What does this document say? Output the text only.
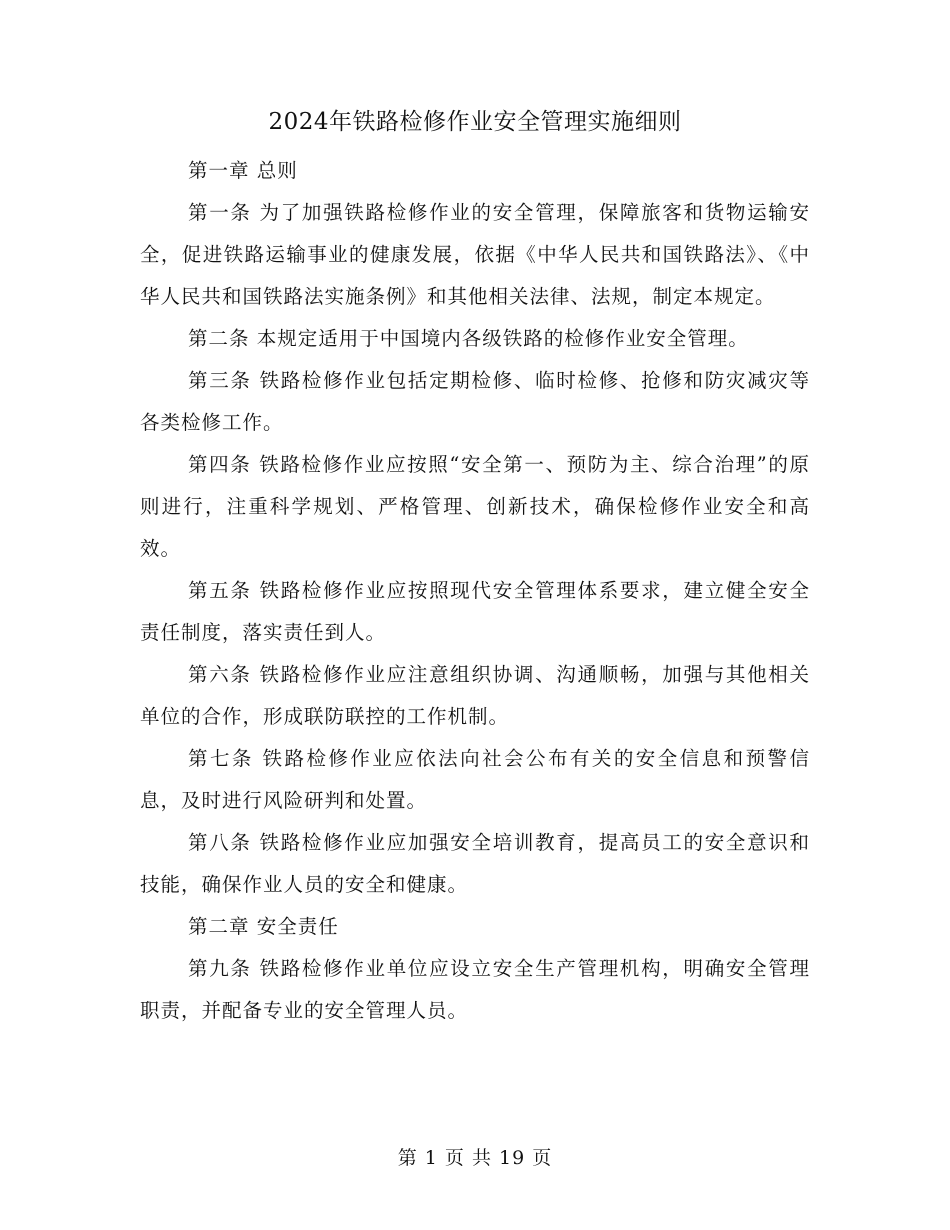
2024年铁路检修作业安全管理实施细则

第一章 总则

第一条 为了加强铁路检修作业的安全管理，保障旅客和货物运输安全，促进铁路运输事业的健康发展，依据《中华人民共和国铁路法》、《中华人民共和国铁路法实施条例》和其他相关法律、法规，制定本规定。

第二条 本规定适用于中国境内各级铁路的检修作业安全管理。

第三条 铁路检修作业包括定期检修、临时检修、抢修和防灾减灾等各类检修工作。

第四条 铁路检修作业应按照“安全第一、预防为主、综合治理”的原则进行，注重科学规划、严格管理、创新技术，确保检修作业安全和高效。

第五条 铁路检修作业应按照现代安全管理体系要求，建立健全安全责任制度，落实责任到人。

第六条 铁路检修作业应注意组织协调、沟通顺畅，加强与其他相关单位的合作，形成联防联控的工作机制。

第七条 铁路检修作业应依法向社会公布有关的安全信息和预警信息，及时进行风险研判和处置。

第八条 铁路检修作业应加强安全培训教育，提高员工的安全意识和技能，确保作业人员的安全和健康。

第二章 安全责任

第九条 铁路检修作业单位应设立安全生产管理机构，明确安全管理职责，并配备专业的安全管理人员。

第 1 页 共 19 页
